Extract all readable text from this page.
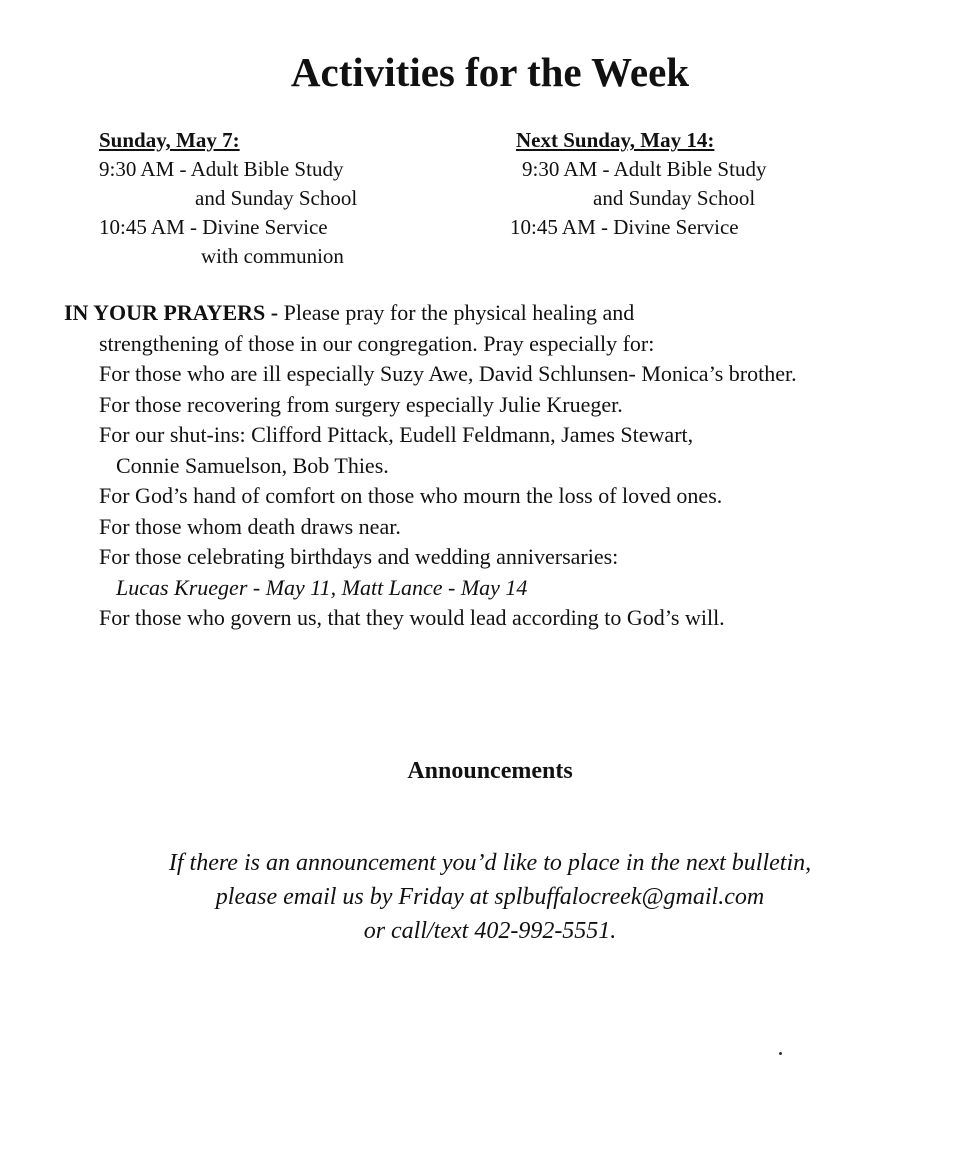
Activities for the Week
Sunday, May 7:
9:30 AM - Adult Bible Study
and Sunday School
10:45 AM - Divine Service
with communion
Next Sunday, May 14:
9:30 AM - Adult Bible Study
and Sunday School
10:45 AM - Divine Service
IN YOUR PRAYERS - Please pray for the physical healing and
strengthening of those in our congregation. Pray especially for:
For those who are ill especially Suzy Awe, David Schlunsen- Monica’s brother.
For those recovering from surgery especially Julie Krueger.
For our shut-ins: Clifford Pittack, Eudell Feldmann, James Stewart,
Connie Samuelson, Bob Thies.
For God’s hand of comfort on those who mourn the loss of loved ones.
For those whom death draws near.
For those celebrating birthdays and wedding anniversaries:
Lucas Krueger - May 11, Matt Lance - May 14
For those who govern us, that they would lead according to God’s will.
Announcements
If there is an announcement you’d like to place in the next bulletin,
please email us by Friday at splbuffalocreek@gmail.com
or call/text 402-992-5551.
